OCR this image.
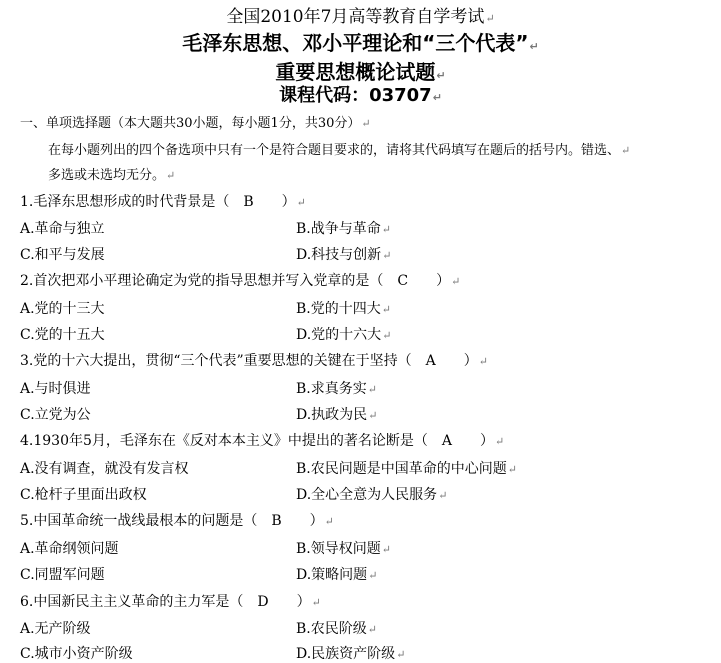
全国2010年7月高等教育自学考试↵
毛泽东思想、邓小平理论和“三个代表”↵
重要思想概论试题↵
课程代码：03707↵
一、单项选择题（本大题共30小题，每小题1分，共30分）↵
在每小题列出的四个备选项中只有一个是符合题目要求的，请将其代码填写在题后的括号内。错选、↵
多选或未选均无分。↵
1.毛泽东思想形成的时代背景是（　B　　）↵
A.革命与独立	B.战争与革命↵
C.和平与发展	D.科技与创新↵
2.首次把邓小平理论确定为党的指导思想并写入党章的是（　C　　）↵
A.党的十三大	B.党的十四大↵
C.党的十五大	D.党的十六大↵
3.党的十六大提出，贯彻“三个代表”重要思想的关键在于坚持（　A　　）↵
A.与时俱进	B.求真务实↵
C.立党为公	D.执政为民↵
4.1930年5月，毛泽东在《反对本本主义》中提出的著名论断是（　A　　）↵
A.没有调查，就没有发言权	B.农民问题是中国革命的中心问题↵
C.枪杆子里面出政权	D.全心全意为人民服务↵
5.中国革命统一战线最根本的问题是（　B　　）↵
A.革命纲领问题	B.领导权问题↵
C.同盟军问题	D.策略问题↵
6.中国新民主主义革命的主力军是（　D　　）↵
A.无产阶级	B.农民阶级↵
C.城市小资产阶级	D.民族资产阶级↵
